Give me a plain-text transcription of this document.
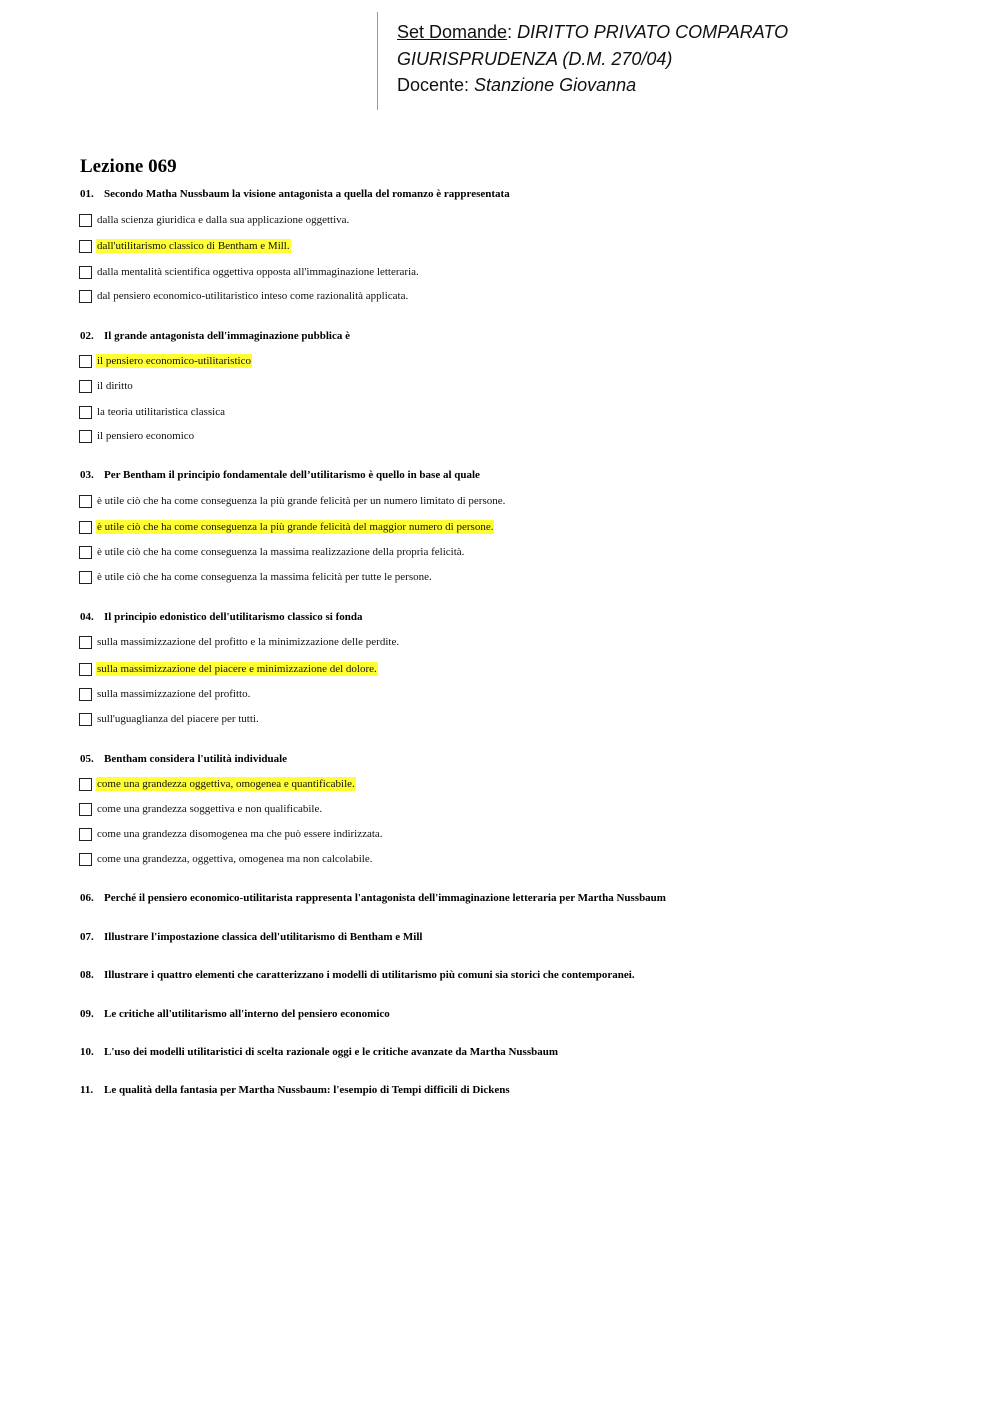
Set Domande: DIRITTO PRIVATO COMPARATO
GIURISPRUDENZA (D.M. 270/04)
Docente: Stanzione Giovanna
Lezione 069
01. Secondo Matha Nussbaum la visione antagonista a quella del romanzo è rappresentata
dalla scienza giuridica e dalla sua applicazione oggettiva.
dall'utilitarismo classico di Bentham e Mill.
dalla mentalità scientifica oggettiva opposta all'immaginazione letteraria.
dal pensiero economico-utilitaristico inteso come razionalità applicata.
02. Il grande antagonista dell'immaginazione pubblica è
il pensiero economico-utilitaristico
il diritto
la teoria utilitaristica classica
il pensiero economico
03. Per Bentham il principio fondamentale dell’utilitarismo è quello in base al quale
è utile ciò che ha come conseguenza la più grande felicità per un numero limitato di persone.
è utile ciò che ha come conseguenza la più grande felicità del maggior numero di persone.
è utile ciò che ha come conseguenza la massima realizzazione della propria felicità.
è utile ciò che ha come conseguenza la massima felicità per tutte le persone.
04. Il principio edonistico dell'utilitarismo classico si fonda
sulla massimizzazione del profitto e la minimizzazione delle perdite.
sulla massimizzazione del piacere e minimizzazione del dolore.
sulla massimizzazione del profitto.
sull'uguaglianza del piacere per tutti.
05. Bentham considera l'utilità individuale
come una grandezza oggettiva, omogenea e quantificabile.
come una grandezza soggettiva e non qualificabile.
come una grandezza disomogenea ma che può essere indirizzata.
come una grandezza, oggettiva, omogenea ma non calcolabile.
06. Perché il pensiero economico-utilitarista rappresenta l'antagonista dell'immaginazione letteraria per Martha Nussbaum
07. Illustrare l'impostazione classica dell'utilitarismo di Bentham e Mill
08. Illustrare i quattro elementi che caratterizzano i modelli di utilitarismo più comuni sia storici che contemporanei.
09. Le critiche all'utilitarismo all'interno del pensiero economico
10. L'uso dei modelli utilitaristici di scelta razionale oggi e le critiche avanzate da Martha Nussbaum
11. Le qualità della fantasia per Martha Nussbaum: l'esempio di Tempi difficili di Dickens
